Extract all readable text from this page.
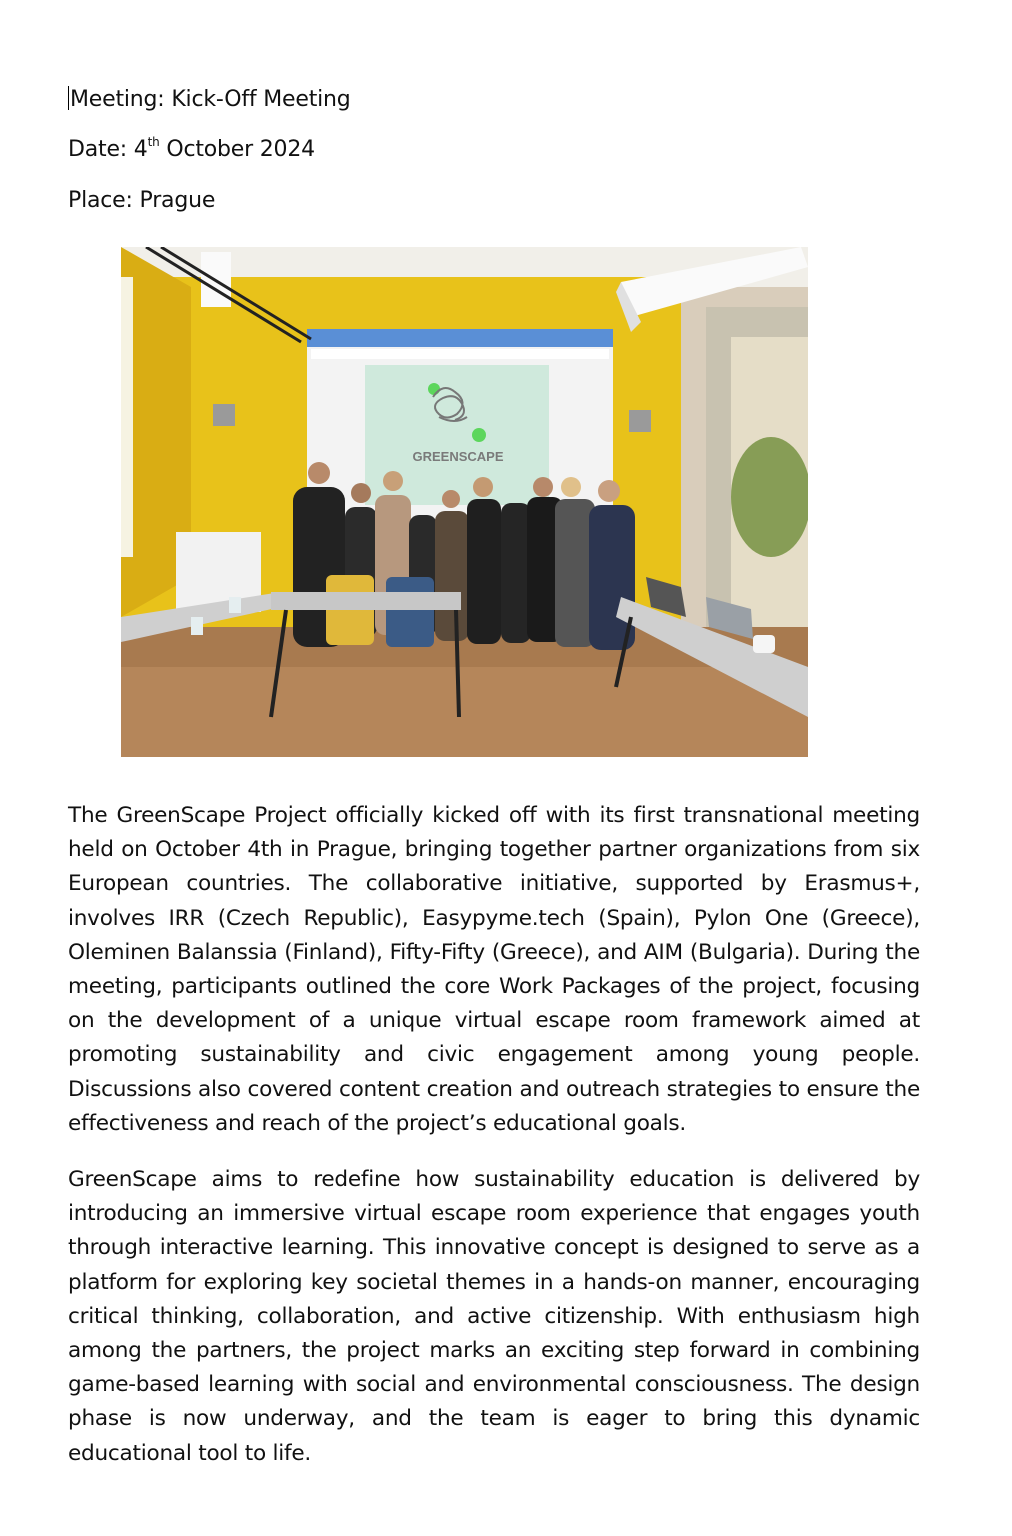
Meeting: Kick-Off Meeting
Date: 4th October 2024
Place: Prague
GREENSCAPE

The GreenScape Project officially kicked off with its first transnational meeting held on October 4th in Prague, bringing together partner organizations from six European countries. The collaborative initiative, supported by Erasmus+, involves IRR (Czech Republic), Easypyme.tech (Spain), Pylon One (Greece), Oleminen Balanssia (Finland), Fifty-Fifty (Greece), and AIM (Bulgaria). During the meeting, participants outlined the core Work Packages of the project, focusing on the development of a unique virtual escape room framework aimed at promoting sustainability and civic engagement among young people. Discussions also covered content creation and outreach strategies to ensure the effectiveness and reach of the project’s educational goals.

GreenScape aims to redefine how sustainability education is delivered by introducing an immersive virtual escape room experience that engages youth through interactive learning. This innovative concept is designed to serve as a platform for exploring key societal themes in a hands-on manner, encouraging critical thinking, collaboration, and active citizenship. With enthusiasm high among the partners, the project marks an exciting step forward in combining game-based learning with social and environmental consciousness. The design phase is now underway, and the team is eager to bring this dynamic educational tool to life.
